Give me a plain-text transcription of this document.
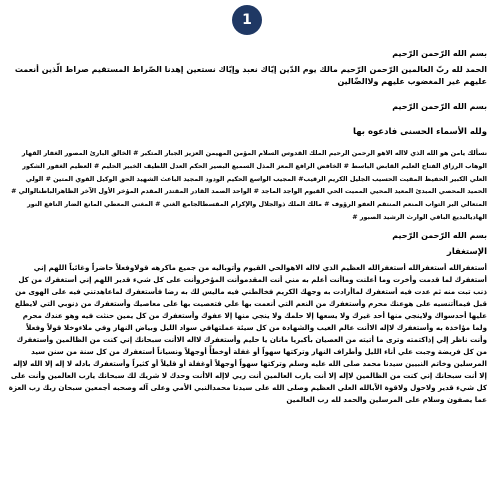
1

بسم الله الرّحمن الرّحيم

الحمد لله ربّ العالمين الرّحمن الرّحيم مالك يوم الدّين إيّاك نعبد وإيّاك نستعين إهدنا الصّراط المستقيم صراط الّذين أنعمت عليهم غير المغضوب عليهم ولاالضّالين

بسم الله الرّحمن الرّحيم

ولله الأسماء الحسنى فادعوه بها

نسألك يامن هو الله الذي لااله الاهو الرحمن الرحيم الملك القدوس السلام المؤمن المهيمن العزيز الجبار المتكبر # الخالق البارئ المصور الغفار القهار الوهاب الرزاق الفتاح العليم القابض الباسط # الخافض الرافع المعز المذل السميع البصير الحكم العدل اللطيف الخبير الحليم # العظيم الغفور الشكور العلي الكبير الحفيظ المقيت الحسيب الجليل الكريم الرقيب# المجيب الواسع الحكيم الودود المجيد الباعث الشهيد الحق الوكيل القوي المتين # الولي الحميد المحصي المبدئ المعيد المحيي المميت الحي القيوم الواجد الماجد # الواحد الصمد القادر المقتدر المقدم المؤخر الأول الآخر الظاهرالباطنالوالي # المتعالي البر التواب المنعم المنتقم العفو الرؤوف # مالك الملك ذوالجلال والإكرام المقسطالجامع الغني # المغني المعطي المانع الضار النافع النور الهاديالبديع الباقي الوارث الرشيد الصبور #

بسم الله الرّحمن الرّحيم

الإستغفار

أستغفرالله أستغفرالله أستغفرالله العظيم الذي لااله الاهوالحي القيوم وأتوباليه من جميع ماكرهه قولاوفعلاً حاضراً وغائباً اللهم إني أستغفرك لما قدمت وأخرت وما أعلنت وماأنت أعلم به مني أنت المقدموأنت المؤخروأنت على كل شيء قدير اللهم إني أستغفرك من كل ذنب تبت منه ثم عدت فيه أستغفرك لماأرادت به وجهك الكريم فخالطني فيه ماليس لك به رضا فأستغفرك لماعاهدتني فيه على الهوى من قبل فيماأتنسيه على هوعنك محرم وأستغفرك من النعم التي أنعمت بها علي فتعصيت بها على معاصيك وأستغفرك من ذنوبي التي لايطلع عليها أحدسواك ولاينجي منها أحد غيرك ولا يسعها إلا حلمك ولا ينجي منها إلا عفوك وأستغفرك من كل يمين حنثت فيه وهو عندك محرم ولما مؤاخذة به وأستغفرك لاإله الاأنت عالم الغيب والشهادة من كل سيئة عملتهافي سواد الليل وبياض النهار وفي ملاءوخلا قولاً وفعلاً وأنت ناظر إلي إذاكتمته وترى ما أتيته من العصيان بأكبريا مانان يا حليم وأستغفرك لااله الاأنت سبحانك إني كنت من الظالمين وأستغفرك من كل فريضة وجبت علي أناء الليل وأطراف النهار وتركتها سهواً أو غفلة أوخطأً أوجهلاً ونسياناً أستغفرك من كل سنة من سنن سيد المرسلين وخاتم النبيين سيدنا محمد صلى الله عليه وسلم وتركتها سهواً أوجهلاً أوغفلة أو قليلاً أو كثيراً وأستغفرك بادله لا إله إلا الله لاإله إلا أنت سبحانك إني كنت من الظالمين لاإله إلا أنت يارب العالمين أنت ربي لاإله الاأنت وحدك لا شريك لك سبحانك يارب العالمين وأنت على كل شيء قدير ولاحول ولاقوة الاًبالله العلي العظيم وصلى الله على سيدنا محمدالنبي الأمي وعلى آله وصحبه أجمعين سبحان ربك رب العزة عما يصفون وسلام على المرسلين والحمد لله رب العالمين
